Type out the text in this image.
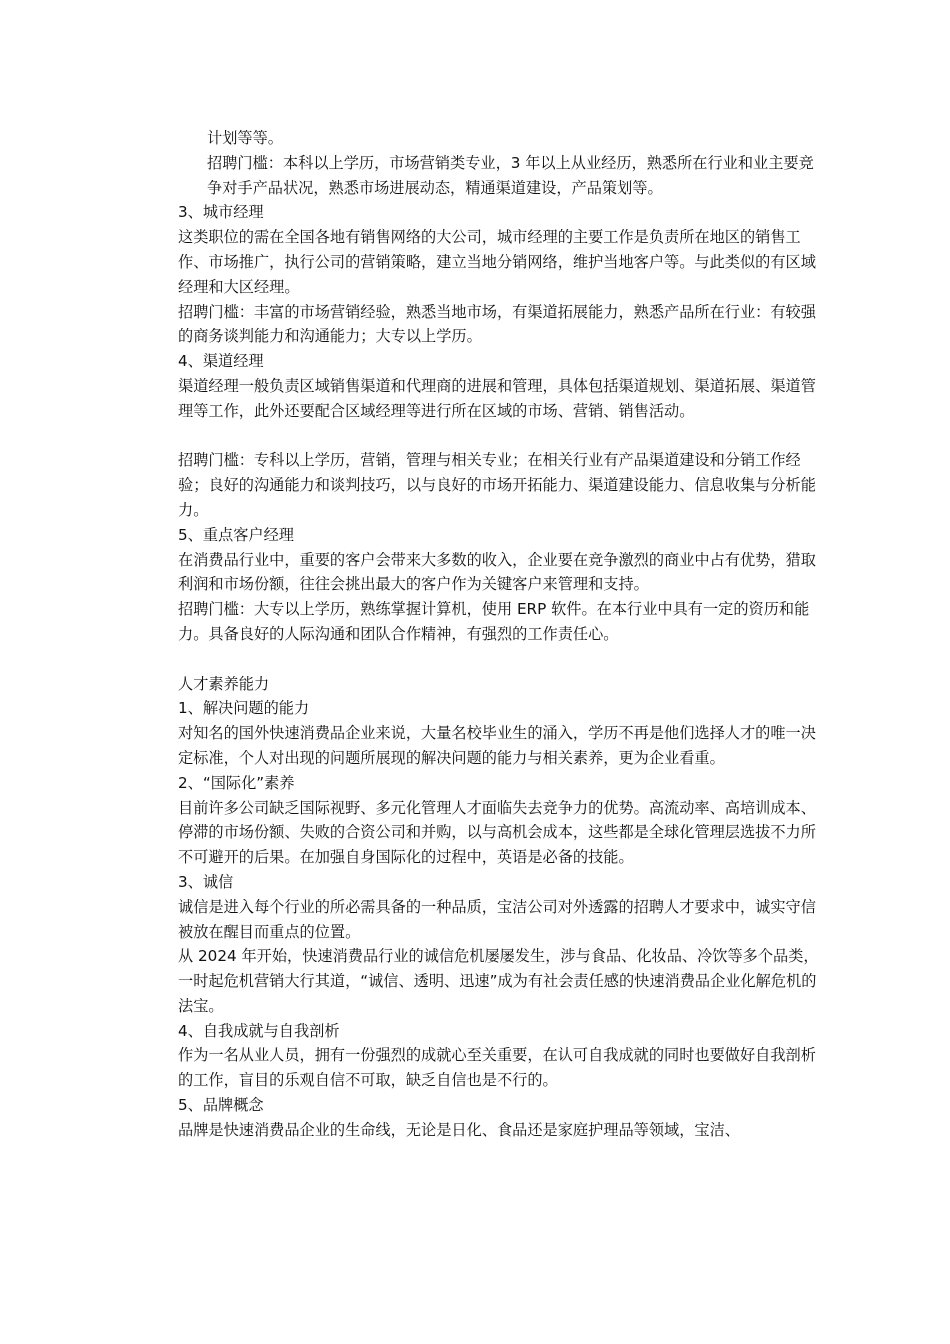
计划等等。

招聘门槛：本科以上学历，市场营销类专业，3 年以上从业经历，熟悉所在行业和业主要竞争对手产品状况，熟悉市场进展动态，精通渠道建设，产品策划等。

3、城市经理

这类职位的需在全国各地有销售网络的大公司，城市经理的主要工作是负责所在地区的销售工作、市场推广，执行公司的营销策略，建立当地分销网络，维护当地客户等。与此类似的有区域经理和大区经理。

招聘门槛：丰富的市场营销经验，熟悉当地市场，有渠道拓展能力，熟悉产品所在行业：有较强的商务谈判能力和沟通能力；大专以上学历。

4、渠道经理

渠道经理一般负责区域销售渠道和代理商的进展和管理，具体包括渠道规划、渠道拓展、渠道管理等工作，此外还要配合区域经理等进行所在区域的市场、营销、销售活动。

招聘门槛：专科以上学历，营销，管理与相关专业；在相关行业有产品渠道建设和分销工作经验；良好的沟通能力和谈判技巧，以与良好的市场开拓能力、渠道建设能力、信息收集与分析能力。

5、重点客户经理

在消费品行业中，重要的客户会带来大多数的收入，企业要在竞争激烈的商业中占有优势，猎取利润和市场份额，往往会挑出最大的客户作为关键客户来管理和支持。

招聘门槛：大专以上学历，熟练掌握计算机，使用 ERP 软件。在本行业中具有一定的资历和能力。具备良好的人际沟通和团队合作精神，有强烈的工作责任心。

人才素养能力

1、解决问题的能力

对知名的国外快速消费品企业来说，大量名校毕业生的涌入，学历不再是他们选择人才的唯一决定标准，个人对出现的问题所展现的解决问题的能力与相关素养，更为企业看重。

2、“国际化”素养

目前许多公司缺乏国际视野、多元化管理人才面临失去竞争力的优势。高流动率、高培训成本、停滞的市场份额、失败的合资公司和并购，以与高机会成本，这些都是全球化管理层选拔不力所不可避开的后果。在加强自身国际化的过程中，英语是必备的技能。

3、诚信

诚信是进入每个行业的所必需具备的一种品质，宝洁公司对外透露的招聘人才要求中，诚实守信被放在醒目而重点的位置。

从 2024 年开始，快速消费品行业的诚信危机屡屡发生，涉与食品、化妆品、冷饮等多个品类，一时起危机营销大行其道，“诚信、透明、迅速”成为有社会责任感的快速消费品企业化解危机的法宝。

4、自我成就与自我剖析

作为一名从业人员，拥有一份强烈的成就心至关重要，在认可自我成就的同时也要做好自我剖析的工作，盲目的乐观自信不可取，缺乏自信也是不行的。

5、品牌概念

品牌是快速消费品企业的生命线，无论是日化、食品还是家庭护理品等领域，宝洁、
